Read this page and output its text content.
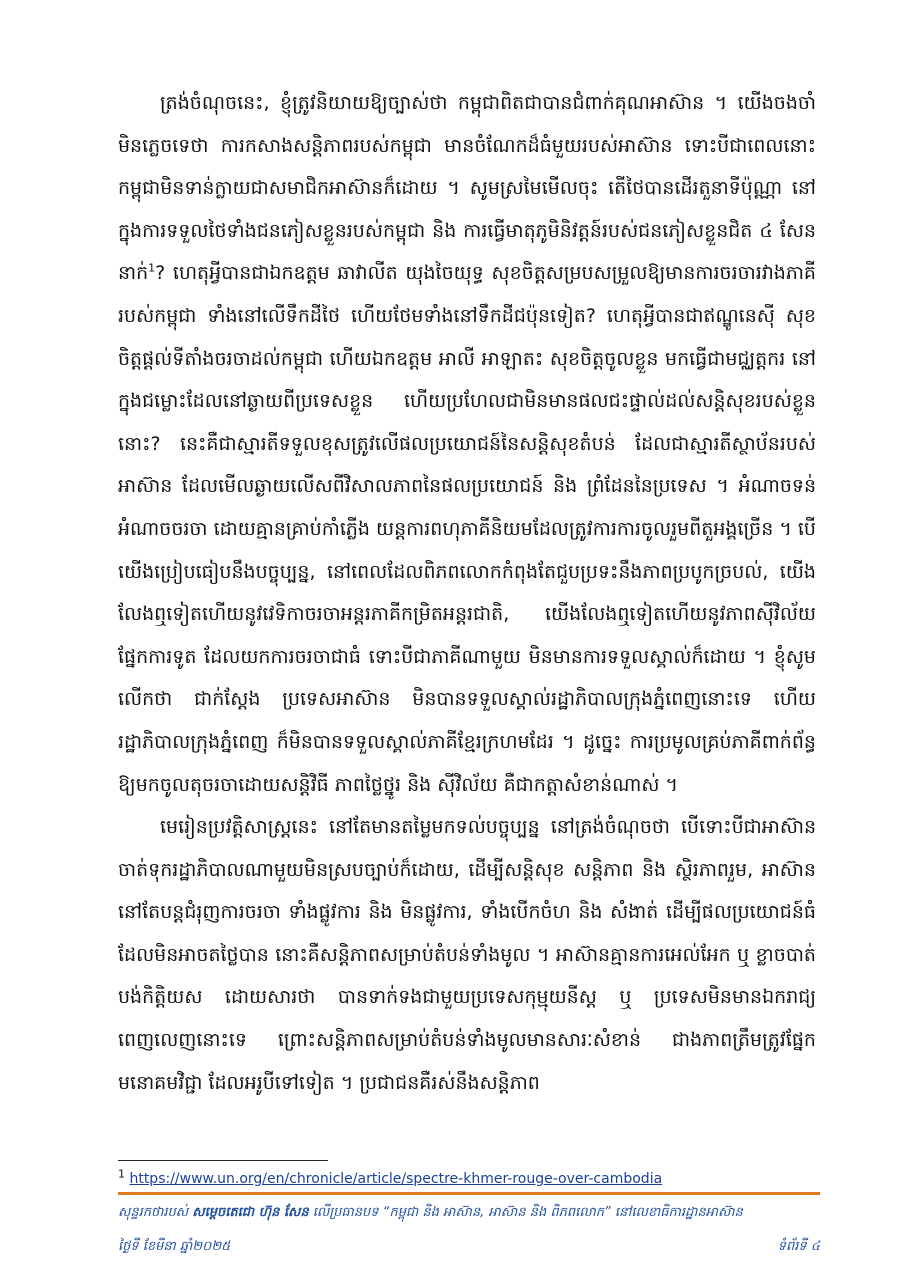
ត្រង់ចំណុចនេះ, ខ្ញុំត្រូវនិយាយឱ្យច្បាស់ថា កម្ពុជាពិតជាបានជំពាក់គុណអាស៊ាន ។ យើងចងចាំមិនភ្លេចទេថា ការកសាងសន្តិភាពរបស់កម្ពុជា មានចំណែកដ៏ធំមួយរបស់អាស៊ាន ទោះបីជាពេលនោះកម្ពុជាមិនទាន់ក្លាយជាសមាជិកអាស៊ានក៏ដោយ ។ សូមស្រមៃមើលចុះ តើថៃបានដើរតួនាទីប៉ុណ្ណា នៅក្នុងការទទួលថៃទាំងជនភៀសខ្លួនរបស់កម្ពុជា និង ការធ្វើមាតុភូមិនិវត្តន៍របស់ជនភៀសខ្លួនជិត ៤ សែននាក់$^1$? ហេតុអ្វីបានជាឯកឧត្តម ឆាវាលីត យុងចៃយុទ្ធ សុខចិត្តសម្របសម្រួលឱ្យមានការចរចារវាងភាគីរបស់កម្ពុជា ទាំងនៅលើទឹកដីថៃ ហើយថែមទាំងនៅទឹកដីជប៉ុនទៀត? ហេតុអ្វីបានជាឥណ្ឌូនេស៊ី សុខចិត្តផ្តល់ទីតាំងចរចាដល់កម្ពុជា ហើយឯកឧត្តម អាលី អាឡាតះ សុខចិត្តចូលខ្លួន មកធ្វើជាមជ្ឈត្តករ នៅក្នុងជម្លោះដែលនៅឆ្ងាយពីប្រទេសខ្លួន ហើយប្រហែលជាមិនមានផលជះផ្ទាល់ដល់សន្តិសុខរបស់ខ្លួននោះ? នេះគឺជាស្មារតីទទួលខុសត្រូវលើផលប្រយោជន៍នៃសន្តិសុខតំបន់ ដែលជាស្មារតីស្ថាប័នរបស់អាស៊ាន ដែលមើលឆ្ងាយលើសពីវិសាលភាពនៃផលប្រយោជន៍ និង ព្រំដែននៃប្រទេស ។ អំណាចទន់ អំណាចចរចា ដោយគ្មានគ្រាប់កាំភ្លើង យន្តការពហុភាគីនិយមដែលត្រូវការការចូលរួមពីតួអង្គច្រើន ។ បើយើងប្រៀបធៀបនឹងបច្ចុប្បន្ន, នៅពេលដែលពិភពលោកកំពុងតែជួបប្រទះនឹងភាពប្របូកច្របល់, យើងលែងឮទៀតហើយនូវវេទិកាចរចាអន្តរភាគីកម្រិតអន្តរជាតិ, យើងលែងឮទៀតហើយនូវភាពស៊ីវិល័យផ្នែកការទូត ដែលយកការចរចាជាធំ ទោះបីជាភាគីណាមួយ មិនមានការទទួលស្គាល់ក៏ដោយ ។ ខ្ញុំសូមលើកថា ជាក់ស្តែង ប្រទេសអាស៊ាន មិនបានទទួលស្គាល់រដ្ឋាភិបាលក្រុងភ្នំពេញនោះទេ ហើយរដ្ឋាភិបាលក្រុងភ្នំពេញ ក៏មិនបានទទួលស្គាល់ភាគីខ្មែរក្រហមដែរ ។ ដូច្នេះ ការប្រមូលគ្រប់ភាគីពាក់ព័ន្ធឱ្យមកចូលតុចរចាដោយសន្តិវិធី ភាពថ្លៃថ្នូរ និង ស៊ីវិល័យ គឺជាកត្តាសំខាន់ណាស់ ។

មេរៀនប្រវត្តិសាស្ត្រនេះ នៅតែមានតម្លៃមកទល់បច្ចុប្បន្ន នៅត្រង់ចំណុចថា បើទោះបីជាអាស៊ាន ចាត់ទុករដ្ឋាភិបាលណាមួយមិនស្របច្បាប់ក៏ដោយ, ដើម្បីសន្តិសុខ សន្តិភាព និង ស្ថិរភាពរួម, អាស៊ាន នៅតែបន្តជំរុញការចរចា ទាំងផ្លូវការ និង មិនផ្លូវការ, ទាំងបើកចំហ និង សំងាត់ ដើម្បីផលប្រយោជន៍ធំដែលមិនអាចតថ្លៃបាន នោះគឺសន្តិភាពសម្រាប់តំបន់ទាំងមូល ។ អាស៊ានគ្មានការអេល់អែក ឬ ខ្លាចបាត់បង់កិត្តិយស ដោយសារថា បានទាក់ទងជាមួយប្រទេសកុម្មុយនីស្ត ឬ ប្រទេសមិនមានឯករាជ្យពេញលេញនោះទេ ព្រោះសន្តិភាពសម្រាប់តំបន់ទាំងមូលមានសារៈសំខាន់ ជាងភាពត្រឹមត្រូវផ្នែកមនោគមវិជ្ជា ដែលអរូបីទៅទៀត ។ ប្រជាជនគឺរស់នឹងសន្តិភាព

$^1$ https://www.un.org/en/chronicle/article/spectre-khmer-rouge-over-cambodia
សុន្ទរកថារបស់ សម្តេចតេជោ ហ៊ុន សែន លើប្រធានបទ “កម្ពុជា និង អាស៊ាន, អាស៊ាន និង ពិភពលោក” នៅលេខាធិការដ្ឋានអាស៊ាន
ថ្ងៃទី ខែមីនា ឆ្នាំ២០២៥	ទំព័រទី ៤
